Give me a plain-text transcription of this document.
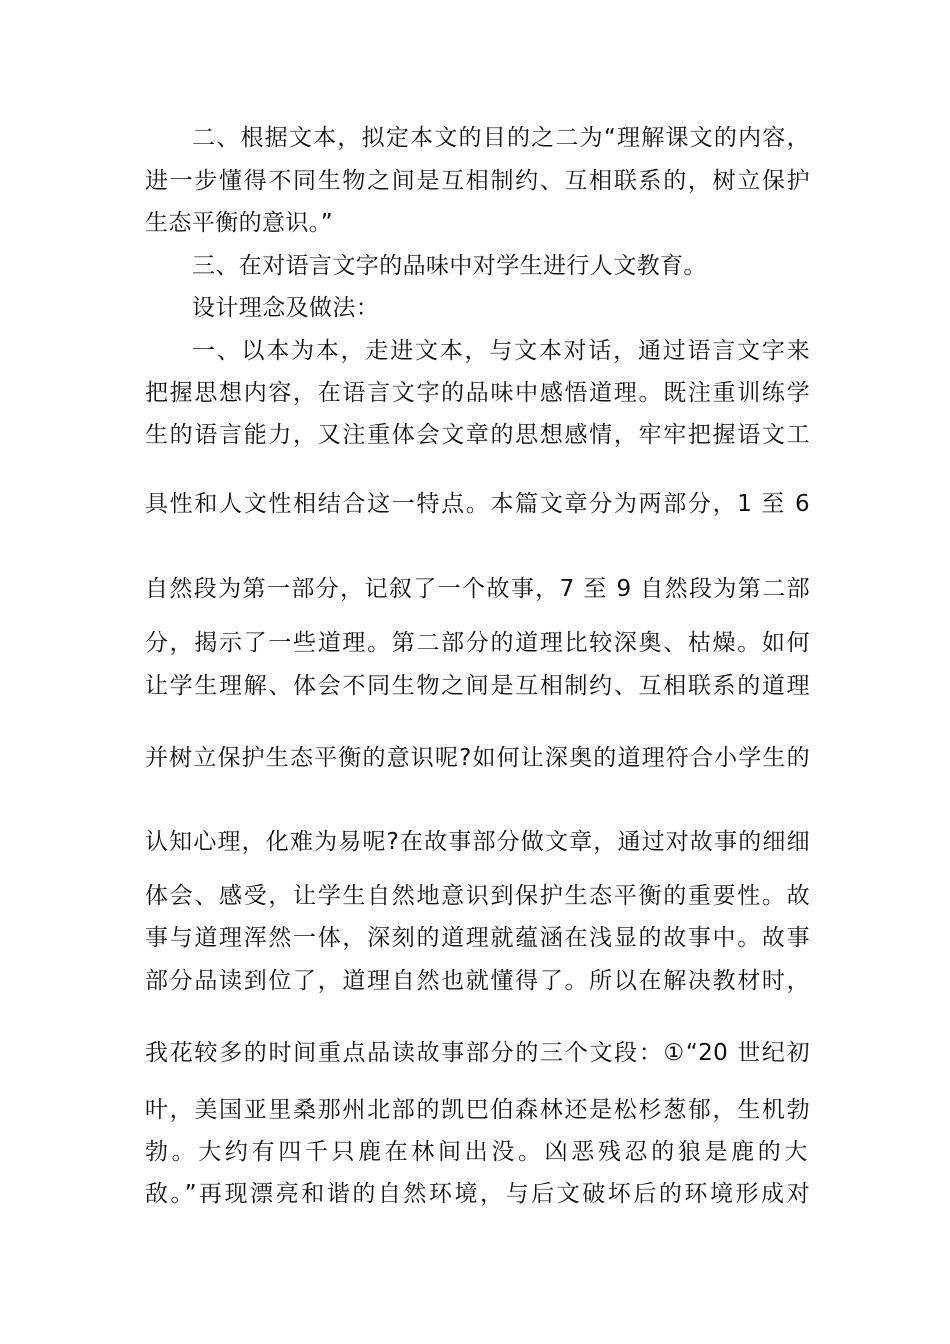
二、根据文本，拟定本文的目的之二为“理解课文的内容，
进一步懂得不同生物之间是互相制约、互相联系的，树立保护
生态平衡的意识。”
三、在对语言文字的品味中对学生进行人文教育。
设计理念及做法：
一、以本为本，走进文本，与文本对话，通过语言文字来
把握思想内容，在语言文字的品味中感悟道理。既注重训练学
生的语言能力，又注重体会文章的思想感情，牢牢把握语文工
具性和人文性相结合这一特点。本篇文章分为两部分，1 至 6
自然段为第一部分，记叙了一个故事，7 至 9 自然段为第二部
分，揭示了一些道理。第二部分的道理比较深奥、枯燥。如何
让学生理解、体会不同生物之间是互相制约、互相联系的道理
并树立保护生态平衡的意识呢?如何让深奥的道理符合小学生的
认知心理，化难为易呢?在故事部分做文章，通过对故事的细细
体会、感受，让学生自然地意识到保护生态平衡的重要性。故
事与道理浑然一体，深刻的道理就蕴涵在浅显的故事中。故事
部分品读到位了，道理自然也就懂得了。所以在解决教材时，
我花较多的时间重点品读故事部分的三个文段：①“20 世纪初
叶，美国亚里桑那州北部的凯巴伯森林还是松杉葱郁，生机勃
勃。大约有四千只鹿在林间出没。凶恶残忍的狼是鹿的大
敌。”再现漂亮和谐的自然环境，与后文破坏后的环境形成对
